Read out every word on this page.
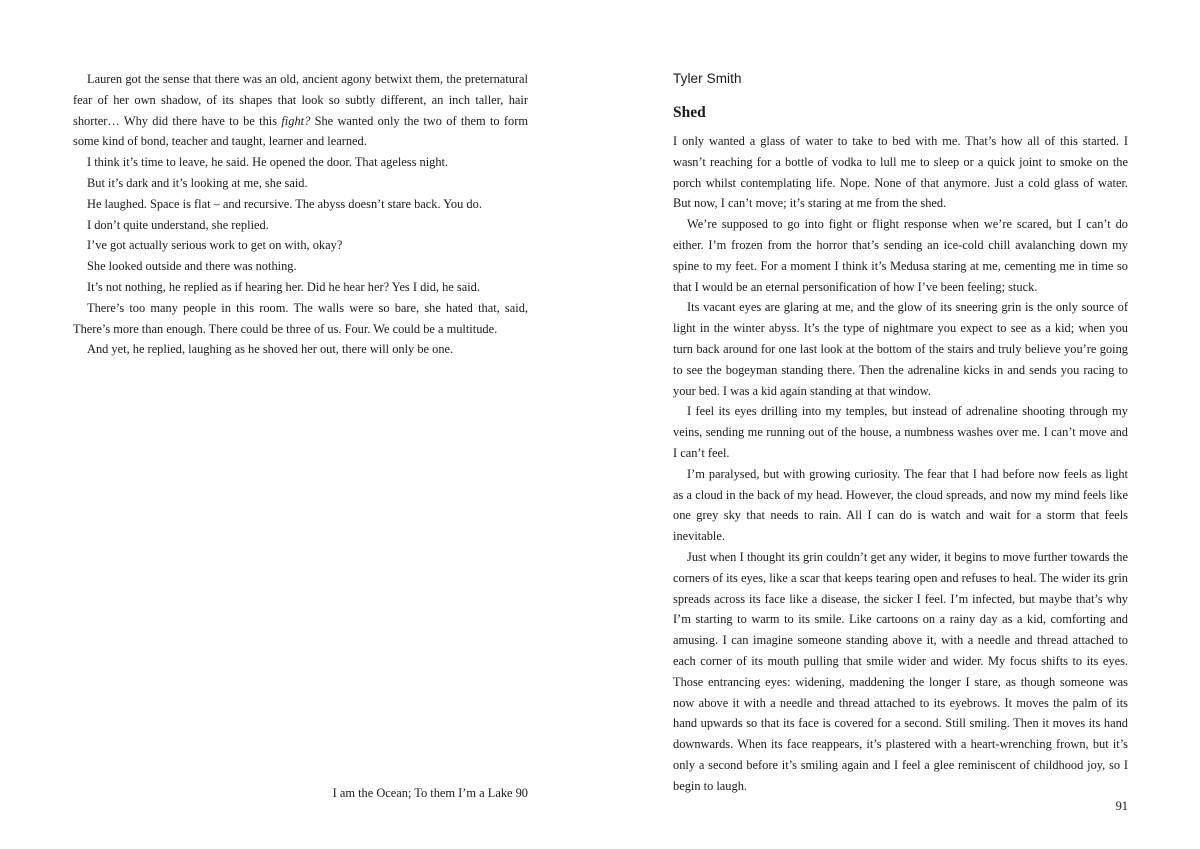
Lauren got the sense that there was an old, ancient agony betwixt them, the preternatural fear of her own shadow, of its shapes that look so subtly different, an inch taller, hair shorter… Why did there have to be this fight? She wanted only the two of them to form some kind of bond, teacher and taught, learner and learned.

I think it’s time to leave, he said. He opened the door. That ageless night.

But it’s dark and it’s looking at me, she said.

He laughed. Space is flat – and recursive. The abyss doesn’t stare back. You do.

I don’t quite understand, she replied.

I’ve got actually serious work to get on with, okay?

She looked outside and there was nothing.

It’s not nothing, he replied as if hearing her. Did he hear her? Yes I did, he said.

There’s too many people in this room. The walls were so bare, she hated that, said, There’s more than enough. There could be three of us. Four. We could be a multitude.

And yet, he replied, laughing as he shoved her out, there will only be one.

I am the Ocean; To them I’m a Lake 90
Tyler Smith
Shed

I only wanted a glass of water to take to bed with me. That’s how all of this started. I wasn’t reaching for a bottle of vodka to lull me to sleep or a quick joint to smoke on the porch whilst contemplating life. Nope. None of that anymore. Just a cold glass of water. But now, I can’t move; it’s staring at me from the shed.

We’re supposed to go into fight or flight response when we’re scared, but I can’t do either. I’m frozen from the horror that’s sending an ice-cold chill avalanching down my spine to my feet. For a moment I think it’s Medusa staring at me, cementing me in time so that I would be an eternal personification of how I’ve been feeling; stuck.

Its vacant eyes are glaring at me, and the glow of its sneering grin is the only source of light in the winter abyss. It’s the type of nightmare you expect to see as a kid; when you turn back around for one last look at the bottom of the stairs and truly believe you’re going to see the bogeyman standing there. Then the adrenaline kicks in and sends you racing to your bed. I was a kid again standing at that window.

I feel its eyes drilling into my temples, but instead of adrenaline shooting through my veins, sending me running out of the house, a numbness washes over me. I can’t move and I can’t feel.

I’m paralysed, but with growing curiosity. The fear that I had before now feels as light as a cloud in the back of my head. However, the cloud spreads, and now my mind feels like one grey sky that needs to rain. All I can do is watch and wait for a storm that feels inevitable.

Just when I thought its grin couldn’t get any wider, it begins to move further towards the corners of its eyes, like a scar that keeps tearing open and refuses to heal. The wider its grin spreads across its face like a disease, the sicker I feel. I’m infected, but maybe that’s why I’m starting to warm to its smile. Like cartoons on a rainy day as a kid, comforting and amusing. I can imagine someone standing above it, with a needle and thread attached to each corner of its mouth pulling that smile wider and wider. My focus shifts to its eyes. Those entrancing eyes: widening, maddening the longer I stare, as though someone was now above it with a needle and thread attached to its eyebrows. It moves the palm of its hand upwards so that its face is covered for a second. Still smiling. Then it moves its hand downwards. When its face reappears, it’s plastered with a heart-wrenching frown, but it’s only a second before it’s smiling again and I feel a glee reminiscent of childhood joy, so I begin to laugh.

91
